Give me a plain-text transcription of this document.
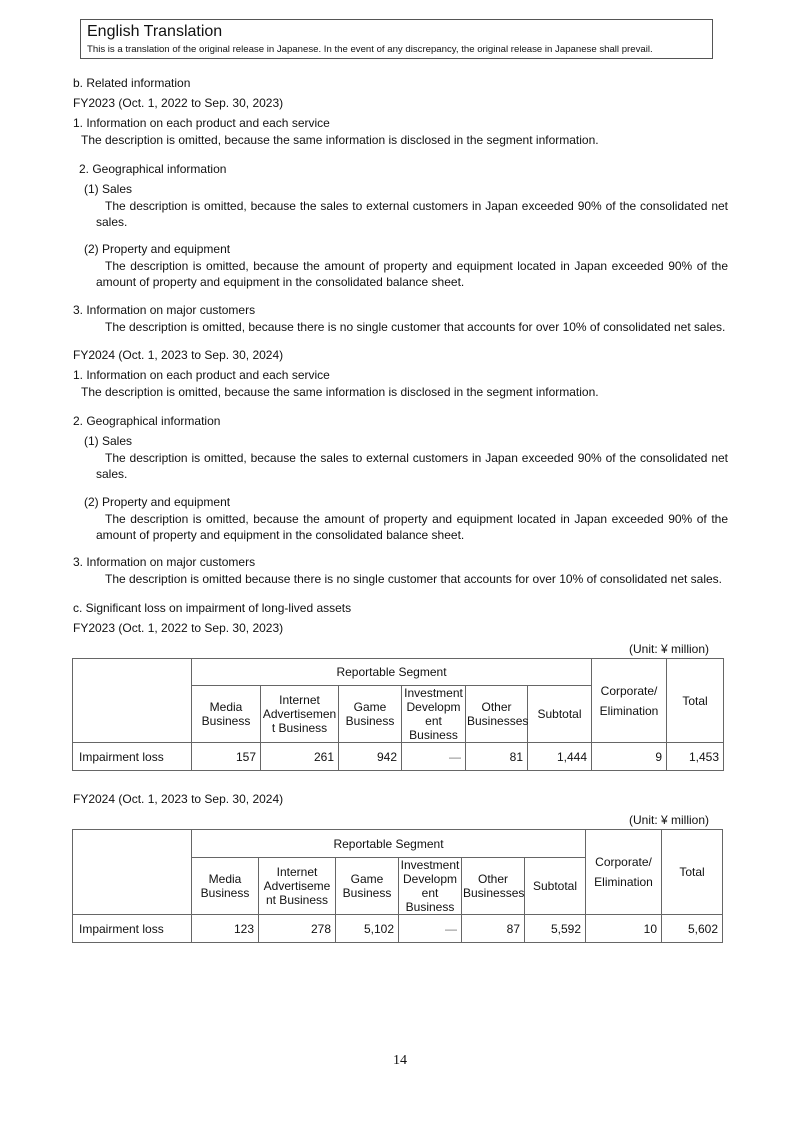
English Translation
This is a translation of the original release in Japanese. In the event of any discrepancy, the original release in Japanese shall prevail.
b. Related information
FY2023 (Oct. 1, 2022 to Sep. 30, 2023)
1. Information on each product and each service
The description is omitted, because the same information is disclosed in the segment information.
2. Geographical information
(1) Sales
The description is omitted, because the sales to external customers in Japan exceeded 90% of the consolidated net sales.
(2) Property and equipment
The description is omitted, because the amount of property and equipment located in Japan exceeded 90% of the amount of property and equipment in the consolidated balance sheet.
3. Information on major customers
The description is omitted, because there is no single customer that accounts for over 10% of consolidated net sales.
FY2024 (Oct. 1, 2023 to Sep. 30, 2024)
1. Information on each product and each service
The description is omitted, because the same information is disclosed in the segment information.
2. Geographical information
(1) Sales
The description is omitted, because the sales to external customers in Japan exceeded 90% of the consolidated net sales.
(2) Property and equipment
The description is omitted, because the amount of property and equipment located in Japan exceeded 90% of the amount of property and equipment in the consolidated balance sheet.
3. Information on major customers
The description is omitted because there is no single customer that accounts for over 10% of consolidated net sales.
c. Significant loss on impairment of long-lived assets
FY2023 (Oct. 1, 2022 to Sep. 30, 2023)
(Unit: ¥ million)
	Reportable Segment						Corporate/ Elimination	Total
	Media Business	Internet Advertisemen t Business	Game Business	Investment Developm ent Business	Other Businesses	Subtotal		
Impairment loss	157	261	942	—	81	1,444	9	1,453
FY2024 (Oct. 1, 2023 to Sep. 30, 2024)
(Unit: ¥ million)
	Reportable Segment						Corporate/ Elimination	Total
	Media Business	Internet Advertiseme nt Business	Game Business	Investment Developm ent Business	Other Businesses	Subtotal		
Impairment loss	123	278	5,102	—	87	5,592	10	5,602
14
